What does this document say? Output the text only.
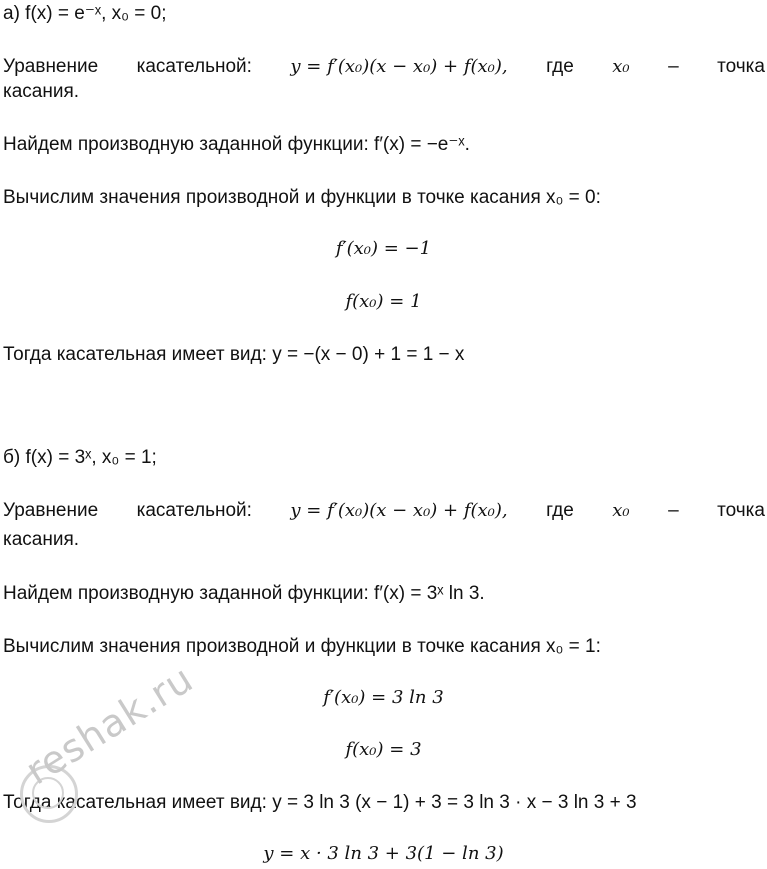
а) f(x) = e⁻ˣ, x₀ = 0;
Уравнение касательной: y = f′(x₀)(x − x₀) + f(x₀), где x₀ – точка
касания.
Найдем производную заданной функции: f′(x) = −e⁻ˣ.
Вычислим значения производной и функции в точке касания x₀ = 0:
f′(x₀) = −1
f(x₀) = 1
Тогда касательная имеет вид: y = −(x − 0) + 1 = 1 − x
б) f(x) = 3ˣ, x₀ = 1;
Уравнение касательной: y = f′(x₀)(x − x₀) + f(x₀), где x₀ – точка
касания.
Найдем производную заданной функции: f′(x) = 3ˣ ln 3.
Вычислим значения производной и функции в точке касания x₀ = 1:
f′(x₀) = 3 ln 3
f(x₀) = 3
Тогда касательная имеет вид: y = 3 ln 3 (x − 1) + 3 = 3 ln 3 · x − 3 ln 3 + 3
y = x · 3 ln 3 + 3(1 − ln 3)
reshak.ru
